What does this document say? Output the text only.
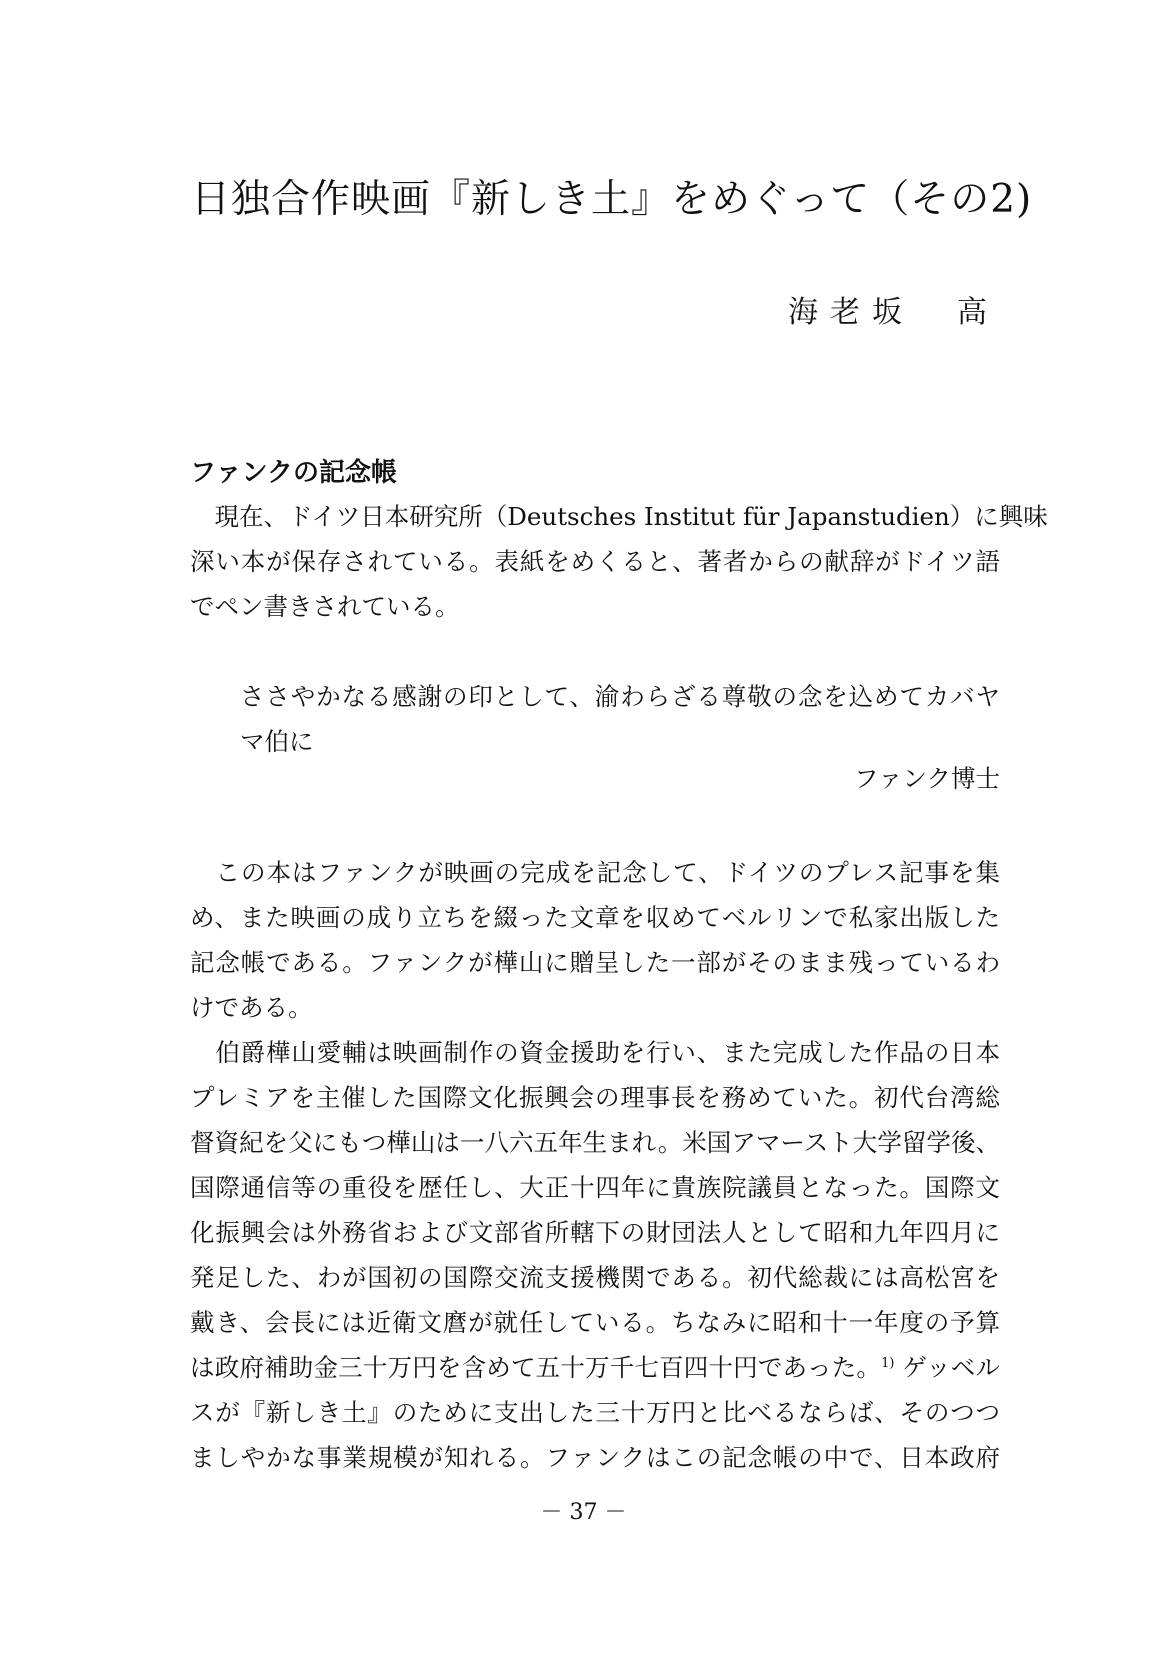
日独合作映画『新しき土』をめぐって（その2)
海 老 坂 高
ファンクの記念帳
　現在、ドイツ日本研究所（Deutsches Institut für Japanstudien）に興味
深い本が保存されている。表紙をめくると、著者からの献辞がドイツ語
でペン書きされている。
ささやかなる感謝の印として、渝わらざる尊敬の念を込めてカバヤ
マ伯に
ファンク博士
　この本はファンクが映画の完成を記念して、ドイツのプレス記事を集
め、また映画の成り立ちを綴った文章を収めてベルリンで私家出版した
記念帳である。ファンクが樺山に贈呈した一部がそのまま残っているわ
けである。
　伯爵樺山愛輔は映画制作の資金援助を行い、また完成した作品の日本
プレミアを主催した国際文化振興会の理事長を務めていた。初代台湾総
督資紀を父にもつ樺山は一八六五年生まれ。米国アマースト大学留学後、
国際通信等の重役を歴任し、大正十四年に貴族院議員となった。国際文
化振興会は外務省および文部省所轄下の財団法人として昭和九年四月に
発足した、わが国初の国際交流支援機関である。初代総裁には高松宮を
戴き、会長には近衛文麿が就任している。ちなみに昭和十一年度の予算
は政府補助金三十万円を含めて五十万千七百四十円であった。$^{1)}$ ゲッベル
スが『新しき土』のために支出した三十万円と比べるならば、そのつつ
ましやかな事業規模が知れる。ファンクはこの記念帳の中で、日本政府
－ 37 －
